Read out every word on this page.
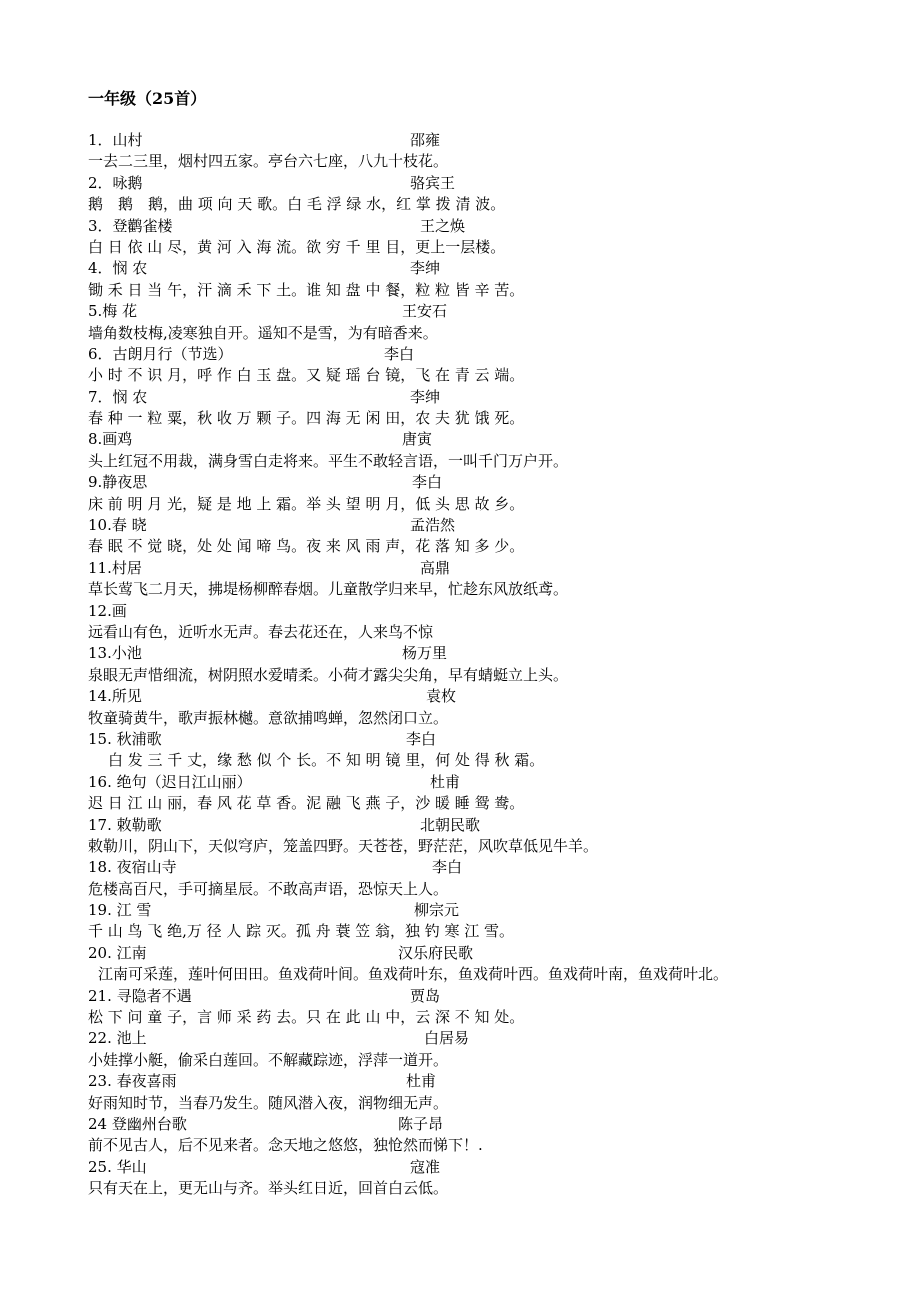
一年级（25首）
1．山村	邵雍
一去二三里，烟村四五家。亭台六七座，八九十枝花。
2．咏鹅	骆宾王
鹅　鹅　鹅，曲 项 向 天 歌。白 毛 浮 绿 水，红 掌 拨 清 波。
3．登鹳雀楼	王之焕
白 日 依 山 尽，黄 河 入 海 流。欲 穷 千 里 目，更上一层楼。
4．悯 农	李绅
锄 禾 日 当 午，汗 滴 禾 下 土。谁 知 盘 中 餐，粒 粒 皆 辛 苦。
5.梅 花	王安石
墙角数枝梅,凌寒独自开。遥知不是雪，为有暗香来。
6．古朗月行（节选）	李白
小 时 不 识 月，呼 作 白 玉 盘。又 疑 瑶 台 镜，飞 在 青 云 端。
7．悯 农	李绅
春 种 一 粒 粟，秋 收 万 颗 子。四 海 无 闲 田，农 夫 犹 饿 死。
8.画鸡	唐寅
头上红冠不用裁，满身雪白走将来。平生不敢轻言语，一叫千门万户开。
9.静夜思	李白
床 前 明 月 光，疑 是 地 上 霜。举 头 望 明 月，低 头 思 故 乡。
10.春 晓	孟浩然
春 眠 不 觉 晓，处 处 闻 啼 鸟。夜 来 风 雨 声，花 落 知 多 少。
11.村居	高鼎
草长莺飞二月天，拂堤杨柳醉春烟。儿童散学归来早，忙趁东风放纸鸢。
12.画
远看山有色，近听水无声。春去花还在，人来鸟不惊
13.小池	杨万里
泉眼无声惜细流，树阴照水爱晴柔。小荷才露尖尖角，早有蜻蜓立上头。
14.所见	袁枚
牧童骑黄牛，歌声振林樾。意欲捕鸣蝉，忽然闭口立。
15. 秋浦歌	李白
白 发 三 千 丈，缘 愁 似 个 长。不 知 明 镜 里，何 处 得 秋 霜。
16. 绝句（迟日江山丽）	杜甫
迟 日 江 山 丽，春 风 花 草 香。泥 融 飞 燕 子，沙 暖 睡 鸳 鸯。
17. 敕勒歌	北朝民歌
敕勒川，阴山下，天似穹庐，笼盖四野。天苍苍，野茫茫，风吹草低见牛羊。
18. 夜宿山寺	李白
危楼高百尺，手可摘星辰。不敢高声语，恐惊天上人。
19. 江 雪	柳宗元
千 山 鸟 飞 绝,万 径 人 踪 灭。孤 舟 蓑 笠 翁，独 钓 寒 江 雪。
20. 江南	汉乐府民歌
江南可采莲，莲叶何田田。鱼戏荷叶间。鱼戏荷叶东，鱼戏荷叶西。鱼戏荷叶南，鱼戏荷叶北。
21. 寻隐者不遇	贾岛
松 下 问 童 子，言 师 采 药 去。只 在 此 山 中，云 深 不 知 处。
22. 池上	白居易
小娃撑小艇，偷采白莲回。不解藏踪迹，浮萍一道开。
23. 春夜喜雨	杜甫
好雨知时节，当春乃发生。随风潜入夜，润物细无声。
24 登幽州台歌	陈子昂
前不见古人，后不见来者。念天地之悠悠，独怆然而悌下！.
25. 华山	寇准
只有天在上，更无山与齐。举头红日近，回首白云低。
